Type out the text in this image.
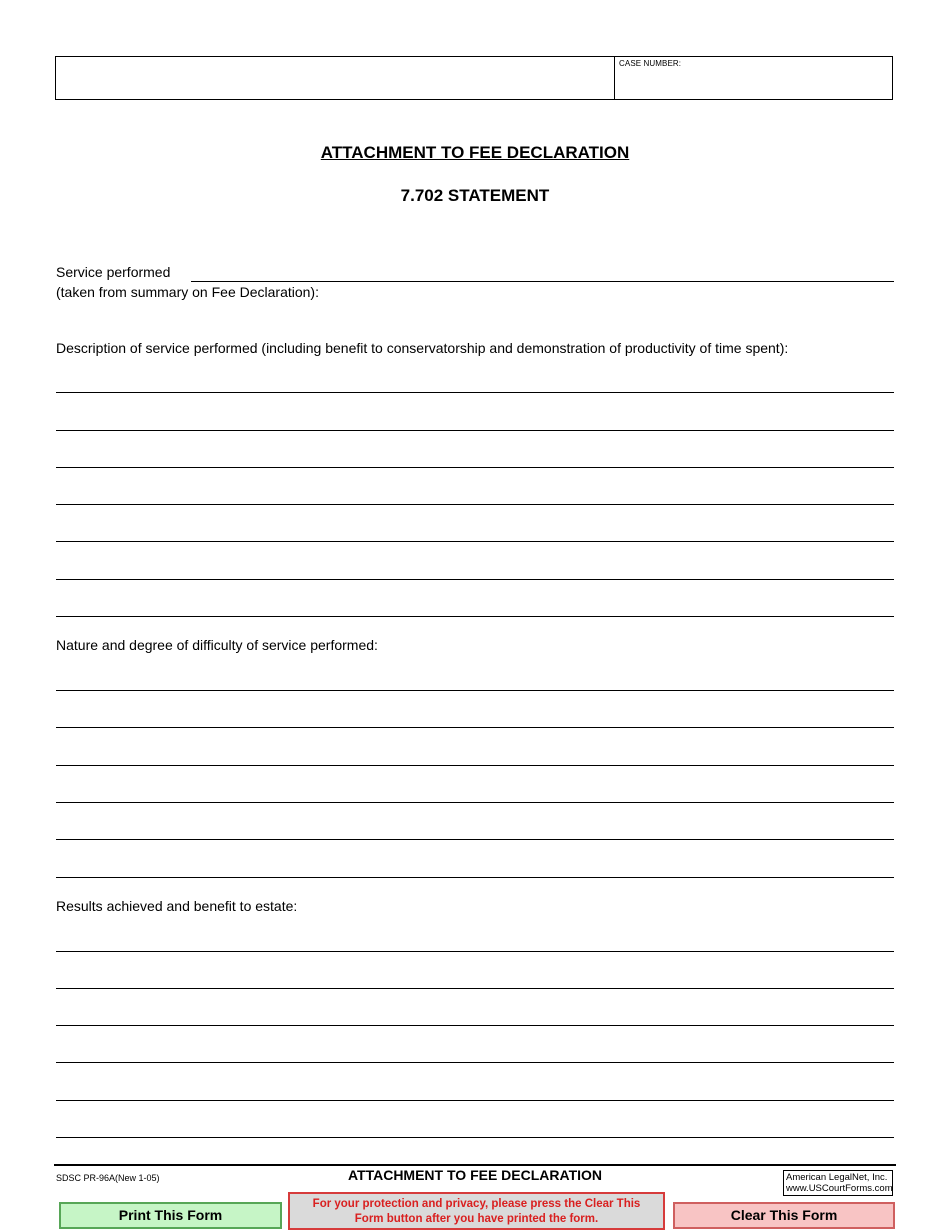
CASE NUMBER:
ATTACHMENT TO FEE DECLARATION
7.702 STATEMENT
Service performed
(taken from summary on Fee Declaration):
Description of service performed (including benefit to conservatorship and demonstration of productivity of time spent):
Nature and degree of difficulty of service performed:
Results achieved and benefit to estate:
SDSC PR-96A(New 1-05)	ATTACHMENT TO FEE DECLARATION	American LegalNet, Inc.
www.USCourtForms.com
Print This Form
For your protection and privacy, please press the Clear This
Form button after you have printed the form.	Clear This Form
